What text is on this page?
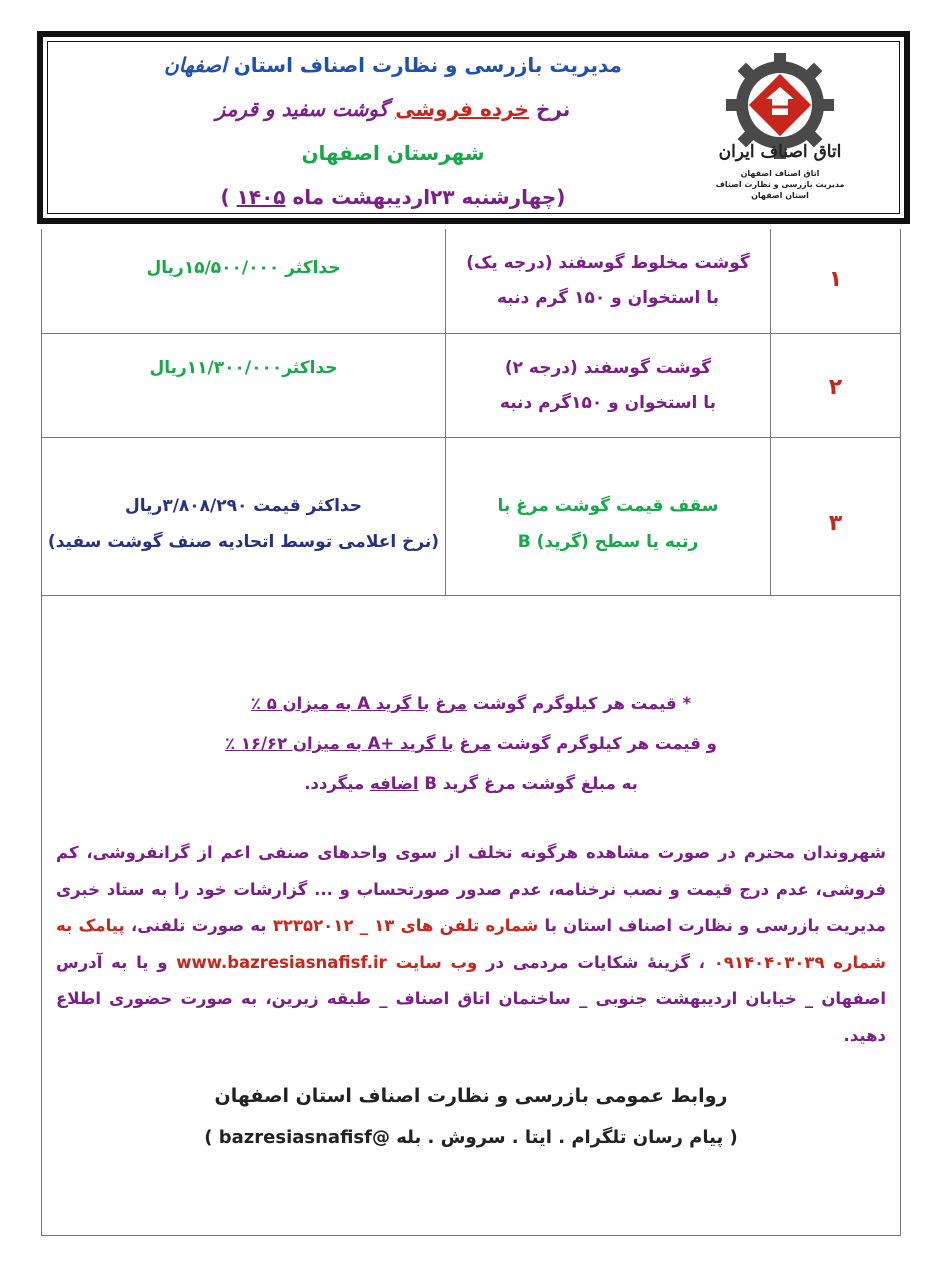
مدیریت بازرسی و نظارت اصناف استان اصفهان
نرخ خرده فروشی گوشت سفید و قرمز
شهرستان اصفهان
(چهارشنبه ۲۳اردیبهشت ماه ۱۴۰۵ )
اتاق اصناف ایران
اتاق اصناف اصفهان
مدیریت بازرسی و نظارت اصناف
استان اصفهان
۱
گوشت مخلوط گوسفند (درجه یک)
با استخوان و ۱۵۰ گرم دنبه
حداکثر ۱۵/۵۰۰/۰۰۰ریال
۲
گوشت گوسفند (درجه ۲)
با استخوان و ۱۵۰گرم دنبه
حداکثر۱۱/۳۰۰/۰۰۰ریال
۳
سقف قیمت گوشت مرغ با
رتبه یا سطح (گرید) B
حداکثر قیمت ۳/۸۰۸/۲۹۰ریال
(نرخ اعلامی توسط اتحادیه صنف گوشت سفید)
* قیمت هر کیلوگرم گوشت مرغ با گرید A به میزان ۵ ٪
و قیمت هر کیلوگرم گوشت مرغ با گرید +A به میزان ۱۶/۶۲ ٪
به مبلغ گوشت مرغ گرید B اضافه میگردد.
شهروندان محترم در صورت مشاهده هرگونه تخلف از سوی واحدهای صنفی اعم از گرانفروشی، کم فروشی، عدم درج قیمت و نصب نرخنامه، عدم صدور صورتحساب و ... گزارشات خود را به ستاد خبری مدیریت بازرسی و نظارت اصناف استان با شماره تلفن های ۱۳ _ ۳۲۳۵۲۰۱۲ به صورت تلفنی، پیامک به شماره ۰۹۱۴۰۴۰۳۰۳۹ ، گزینهٔ شکایات مردمی در وب سایت www.bazresiasnafisf.ir و یا به آدرس اصفهان _ خیابان اردیبهشت جنوبی _ ساختمان اتاق اصناف _ طبقه زیرین، به صورت حضوری اطلاع دهید.
روابط عمومی بازرسی و نظارت اصناف استان اصفهان
( پیام رسان تلگرام . ایتا . سروش . بله @bazresiasnafisf )
